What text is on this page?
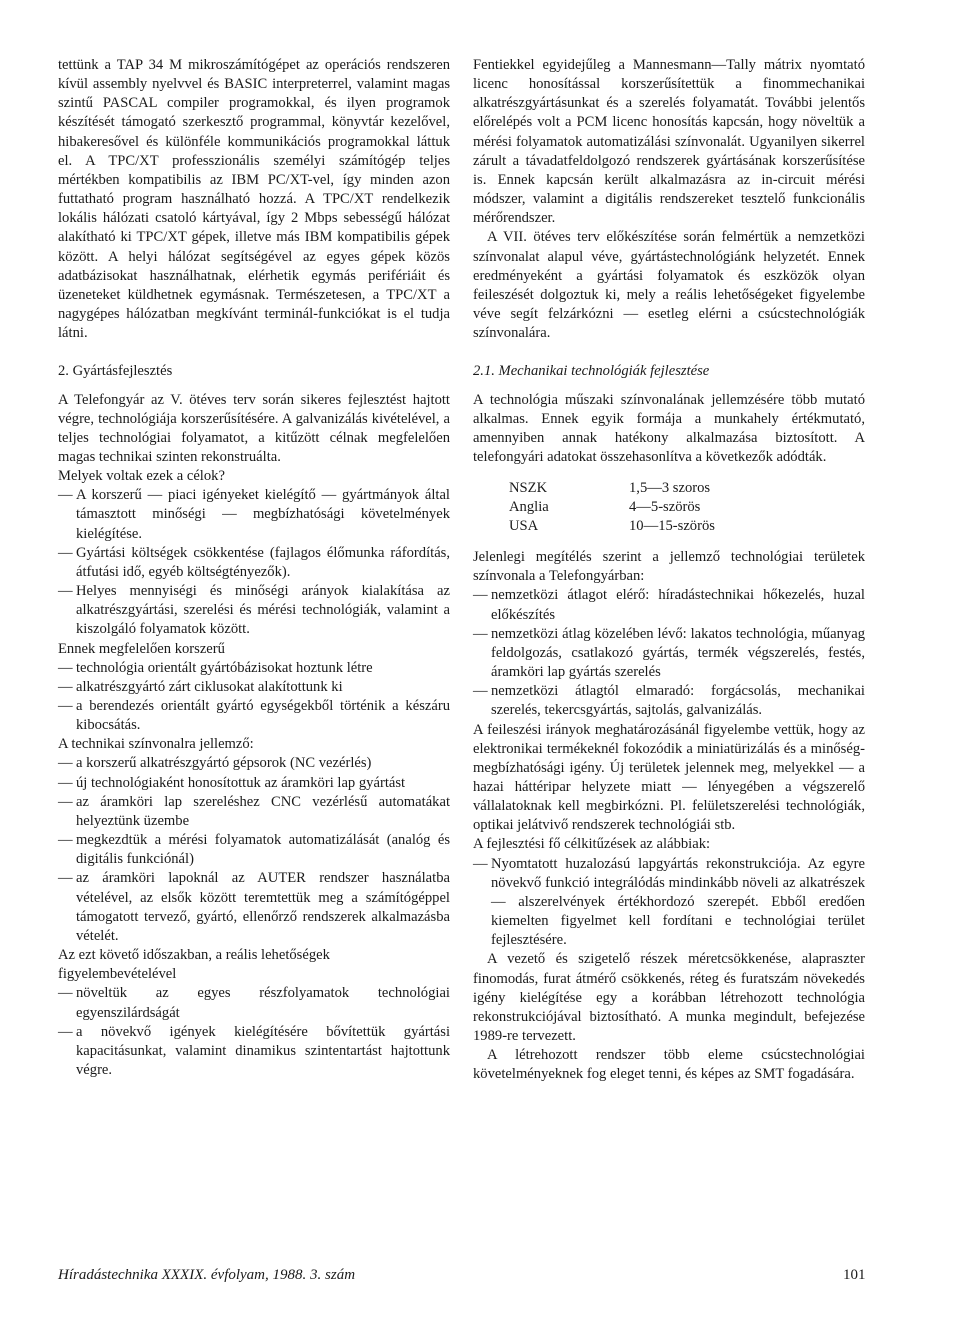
tettünk a TAP 34 M mikroszámítógépet az operációs rendszeren kívül assembly nyelvvel és BASIC interpreterrel, valamint magas szintű PASCAL compiler programokkal, és ilyen programok készítését támogató szerkesztő programmal, könyvtár kezelővel, hibakeresővel és különféle kommunikációs programokkal láttuk el. A TPC/XT professzionális személyi számítógép teljes mértékben kompatibilis az IBM PC/XT-vel, így minden azon futtatható program használható hozzá. A TPC/XT rendelkezik lokális hálózati csatoló kártyával, így 2 Mbps sebességű hálózat alakítható ki TPC/XT gépek, illetve más IBM kompatibilis gépek között. A helyi hálózat segítségével az egyes gépek közös adatbázisokat használhatnak, elérhetik egymás perifériáit és üzeneteket küldhetnek egymásnak. Természetesen, a TPC/XT a nagygépes hálózatban megkívánt terminál-funkciókat is el tudja látni.

2. Gyártásfejlesztés

A Telefongyár az V. ötéves terv során sikeres fejlesztést hajtott végre, technológiája korszerűsítésére. A galvanizálás kivételével, a teljes technológiai folyamatot, a kitűzött célnak megfelelően magas technikai szinten rekonstruálta.

Melyek voltak ezek a célok?

— A korszerű — piaci igényeket kielégítő — gyártmányok által támasztott minőségi — megbízhatósági követelmények kielégítése.
— Gyártási költségek csökkentése (fajlagos élőmunka ráfordítás, átfutási idő, egyéb költségtényezők).
— Helyes mennyiségi és minőségi arányok kialakítása az alkatrészgyártási, szerelési és mérési technológiák, valamint a kiszolgáló folyamatok között.

Ennek megfelelően korszerű

— technológia orientált gyártóbázisokat hoztunk létre
— alkatrészgyártó zárt ciklusokat alakítottunk ki
— a berendezés orientált gyártó egységekből történik a készáru kibocsátás.

A technikai színvonalra jellemző:

— a korszerű alkatrészgyártó gépsorok (NC vezérlés)
— új technológiaként honosítottuk az áramköri lap gyártást
— az áramköri lap szereléshez CNC vezérlésű automatákat helyeztünk üzembe
— megkezdtük a mérési folyamatok automatizálását (analóg és digitális funkciónál)
— az áramköri lapoknál az AUTER rendszer használatba vételével, az elsők között teremtettük meg a számítógéppel támogatott tervező, gyártó, ellenőrző rendszerek alkalmazásba vételét.

Az ezt követő időszakban, a reális lehetőségek figyelembevételével

— növeltük az egyes részfolyamatok technológiai egyenszilárdságát
— a növekvő igények kielégítésére bővítettük gyártási kapacitásunkat, valamint dinamikus szintentartást hajtottunk végre.

Fentiekkel egyidejűleg a Mannesmann—Tally mátrix nyomtató licenc honosítással korszerűsítettük a finommechanikai alkatrészgyártásunkat és a szerelés folyamatát. További jelentős előrelépés volt a PCM licenc honosítás kapcsán, hogy növeltük a mérési folyamatok automatizálási színvonalát. Ugyanilyen sikerrel zárult a távadatfeldolgozó rendszerek gyártásának korszerűsítése is. Ennek kapcsán került alkalmazásra az in-circuit mérési módszer, valamint a digitális rendszereket tesztelő funkcionális mérőrendszer.

A VII. ötéves terv előkészítése során felmértük a nemzetközi színvonalat alapul véve, gyártástechnológiánk helyzetét. Ennek eredményeként a gyártási folyamatok és eszközök olyan feileszését dolgoztuk ki, mely a reális lehetőségeket figyelembe véve segít felzárkózni — esetleg elérni a csúcstechnológiák színvonalára.

2.1. Mechanikai technológiák fejlesztése

A technológia műszaki színvonalának jellemzésére több mutató alkalmas. Ennek egyik formája a munkahely értékmutató, amennyiben annak hatékony alkalmazása biztosított. A telefongyári adatokat összehasonlítva a következők adódták.

NSZK	1,5—3 szoros
Anglia	4—5-szörös
USA	10—15-szörös

Jelenlegi megítélés szerint a jellemző technológiai területek színvonala a Telefongyárban:

— nemzetközi átlagot elérő: híradástechnikai hőkezelés, huzal előkészítés
— nemzetközi átlag közelében lévő: lakatos technológia, műanyag feldolgozás, csatlakozó gyártás, termék végszerelés, festés, áramköri lap gyártás szerelés
— nemzetközi átlagtól elmaradó: forgácsolás, mechanikai szerelés, tekercsgyártás, sajtolás, galvanizálás.

A feileszési irányok meghatározásánál figyelembe vettük, hogy az elektronikai termékeknél fokozódik a miniatürizálás és a minőség-megbízhatósági igény. Új területek jelennek meg, melyekkel — a hazai háttéripar helyzete miatt — lényegében a végszerelő vállalatoknak kell megbirkózni. Pl. felületszerelési technológiák, optikai jelátvivő rendszerek technológiái stb.

A fejlesztési fő célkitűzések az alábbiak:

— Nyomtatott huzalozású lapgyártás rekonstrukciója. Az egyre növekvő funkció integrálódás mindinkább növeli az alkatrészek — alszerelvények értékhordozó szerepét. Ebből eredően kiemelten figyelmet kell fordítani e technológiai terület fejlesztésére.

A vezető és szigetelő részek méretcsökkenése, alapraszter finomodás, furat átmérő csökkenés, réteg és furatszám növekedés igény kielégítése egy a korábban létrehozott technológia rekonstrukciójával biztosítható. A munka megindult, befejezése 1989-re tervezett.

A létrehozott rendszer több eleme csúcstechnológiai követelményeknek fog eleget tenni, és képes az SMT fogadására.

Híradástechnika XXXIX. évfolyam, 1988. 3. szám	101
